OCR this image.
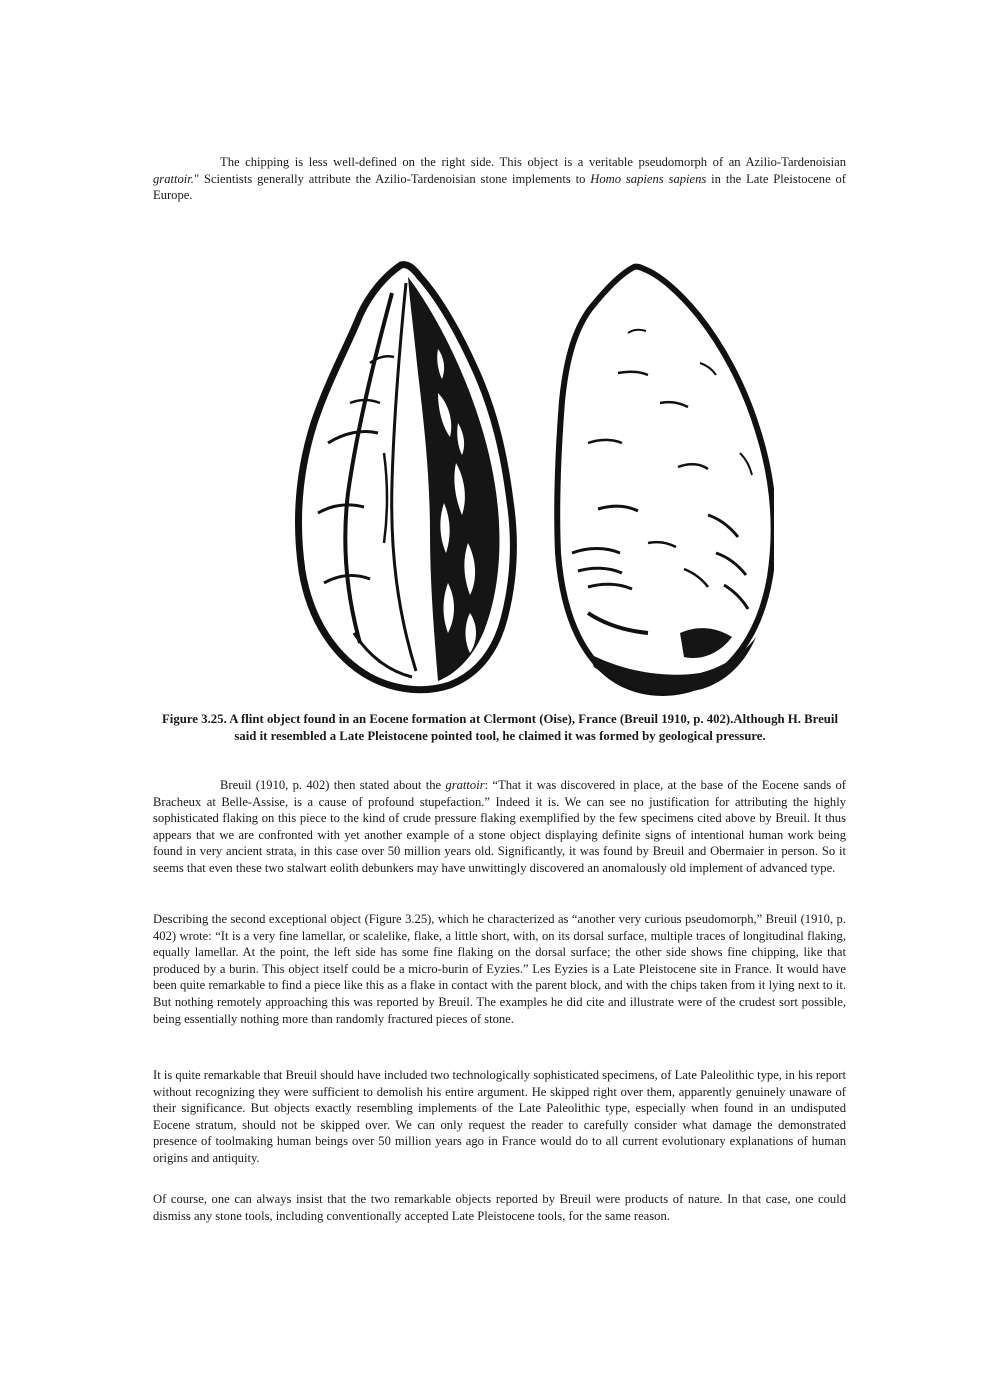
The chipping is less well-defined on the right side. This object is a veritable pseudomorph of an Azilio-Tardenoisian grattoir." Scientists generally attribute the Azilio-Tardenoisian stone implements to Homo sapiens sapiens in the Late Pleistocene of Europe.

Figure 3.25. A flint object found in an Eocene formation at Clermont (Oise), France (Breuil 1910, p. 402).Although H. Breuil said it resembled a Late Pleistocene pointed tool, he claimed it was formed by geological pressure.

Breuil (1910, p. 402) then stated about the grattoir: “That it was discovered in place, at the base of the Eocene sands of Bracheux at Belle-Assise, is a cause of profound stupefaction.” Indeed it is. We can see no justification for attributing the highly sophisticated flaking on this piece to the kind of crude pressure flaking exemplified by the few specimens cited above by Breuil. It thus appears that we are confronted with yet another example of a stone object displaying definite signs of intentional human work being found in very ancient strata, in this case over 50 million years old. Significantly, it was found by Breuil and Obermaier in person. So it seems that even these two stalwart eolith debunkers may have unwittingly discovered an anomalously old implement of advanced type.

Describing the second exceptional object (Figure 3.25), which he characterized as “another very curious pseudomorph,” Breuil (1910, p. 402) wrote: “It is a very fine lamellar, or scalelike, flake, a little short, with, on its dorsal surface, multiple traces of longitudinal flaking, equally lamellar. At the point, the left side has some fine flaking on the dorsal surface; the other side shows fine chipping, like that produced by a burin. This object itself could be a micro-burin of Eyzies.” Les Eyzies is a Late Pleistocene site in France. It would have been quite remarkable to find a piece like this as a flake in contact with the parent block, and with the chips taken from it lying next to it. But nothing remotely approaching this was reported by Breuil. The examples he did cite and illustrate were of the crudest sort possible, being essentially nothing more than randomly fractured pieces of stone.

It is quite remarkable that Breuil should have included two technologically sophisticated specimens, of Late Paleolithic type, in his report without recognizing they were sufficient to demolish his entire argument. He skipped right over them, apparently genuinely unaware of their significance. But objects exactly resembling implements of the Late Paleolithic type, especially when found in an undisputed Eocene stratum, should not be skipped over. We can only request the reader to carefully consider what damage the demonstrated presence of toolmaking human beings over 50 million years ago in France would do to all current evolutionary explanations of human origins and antiquity.

Of course, one can always insist that the two remarkable objects reported by Breuil were products of nature. In that case, one could dismiss any stone tools, including conventionally accepted Late Pleistocene tools, for the same reason.
